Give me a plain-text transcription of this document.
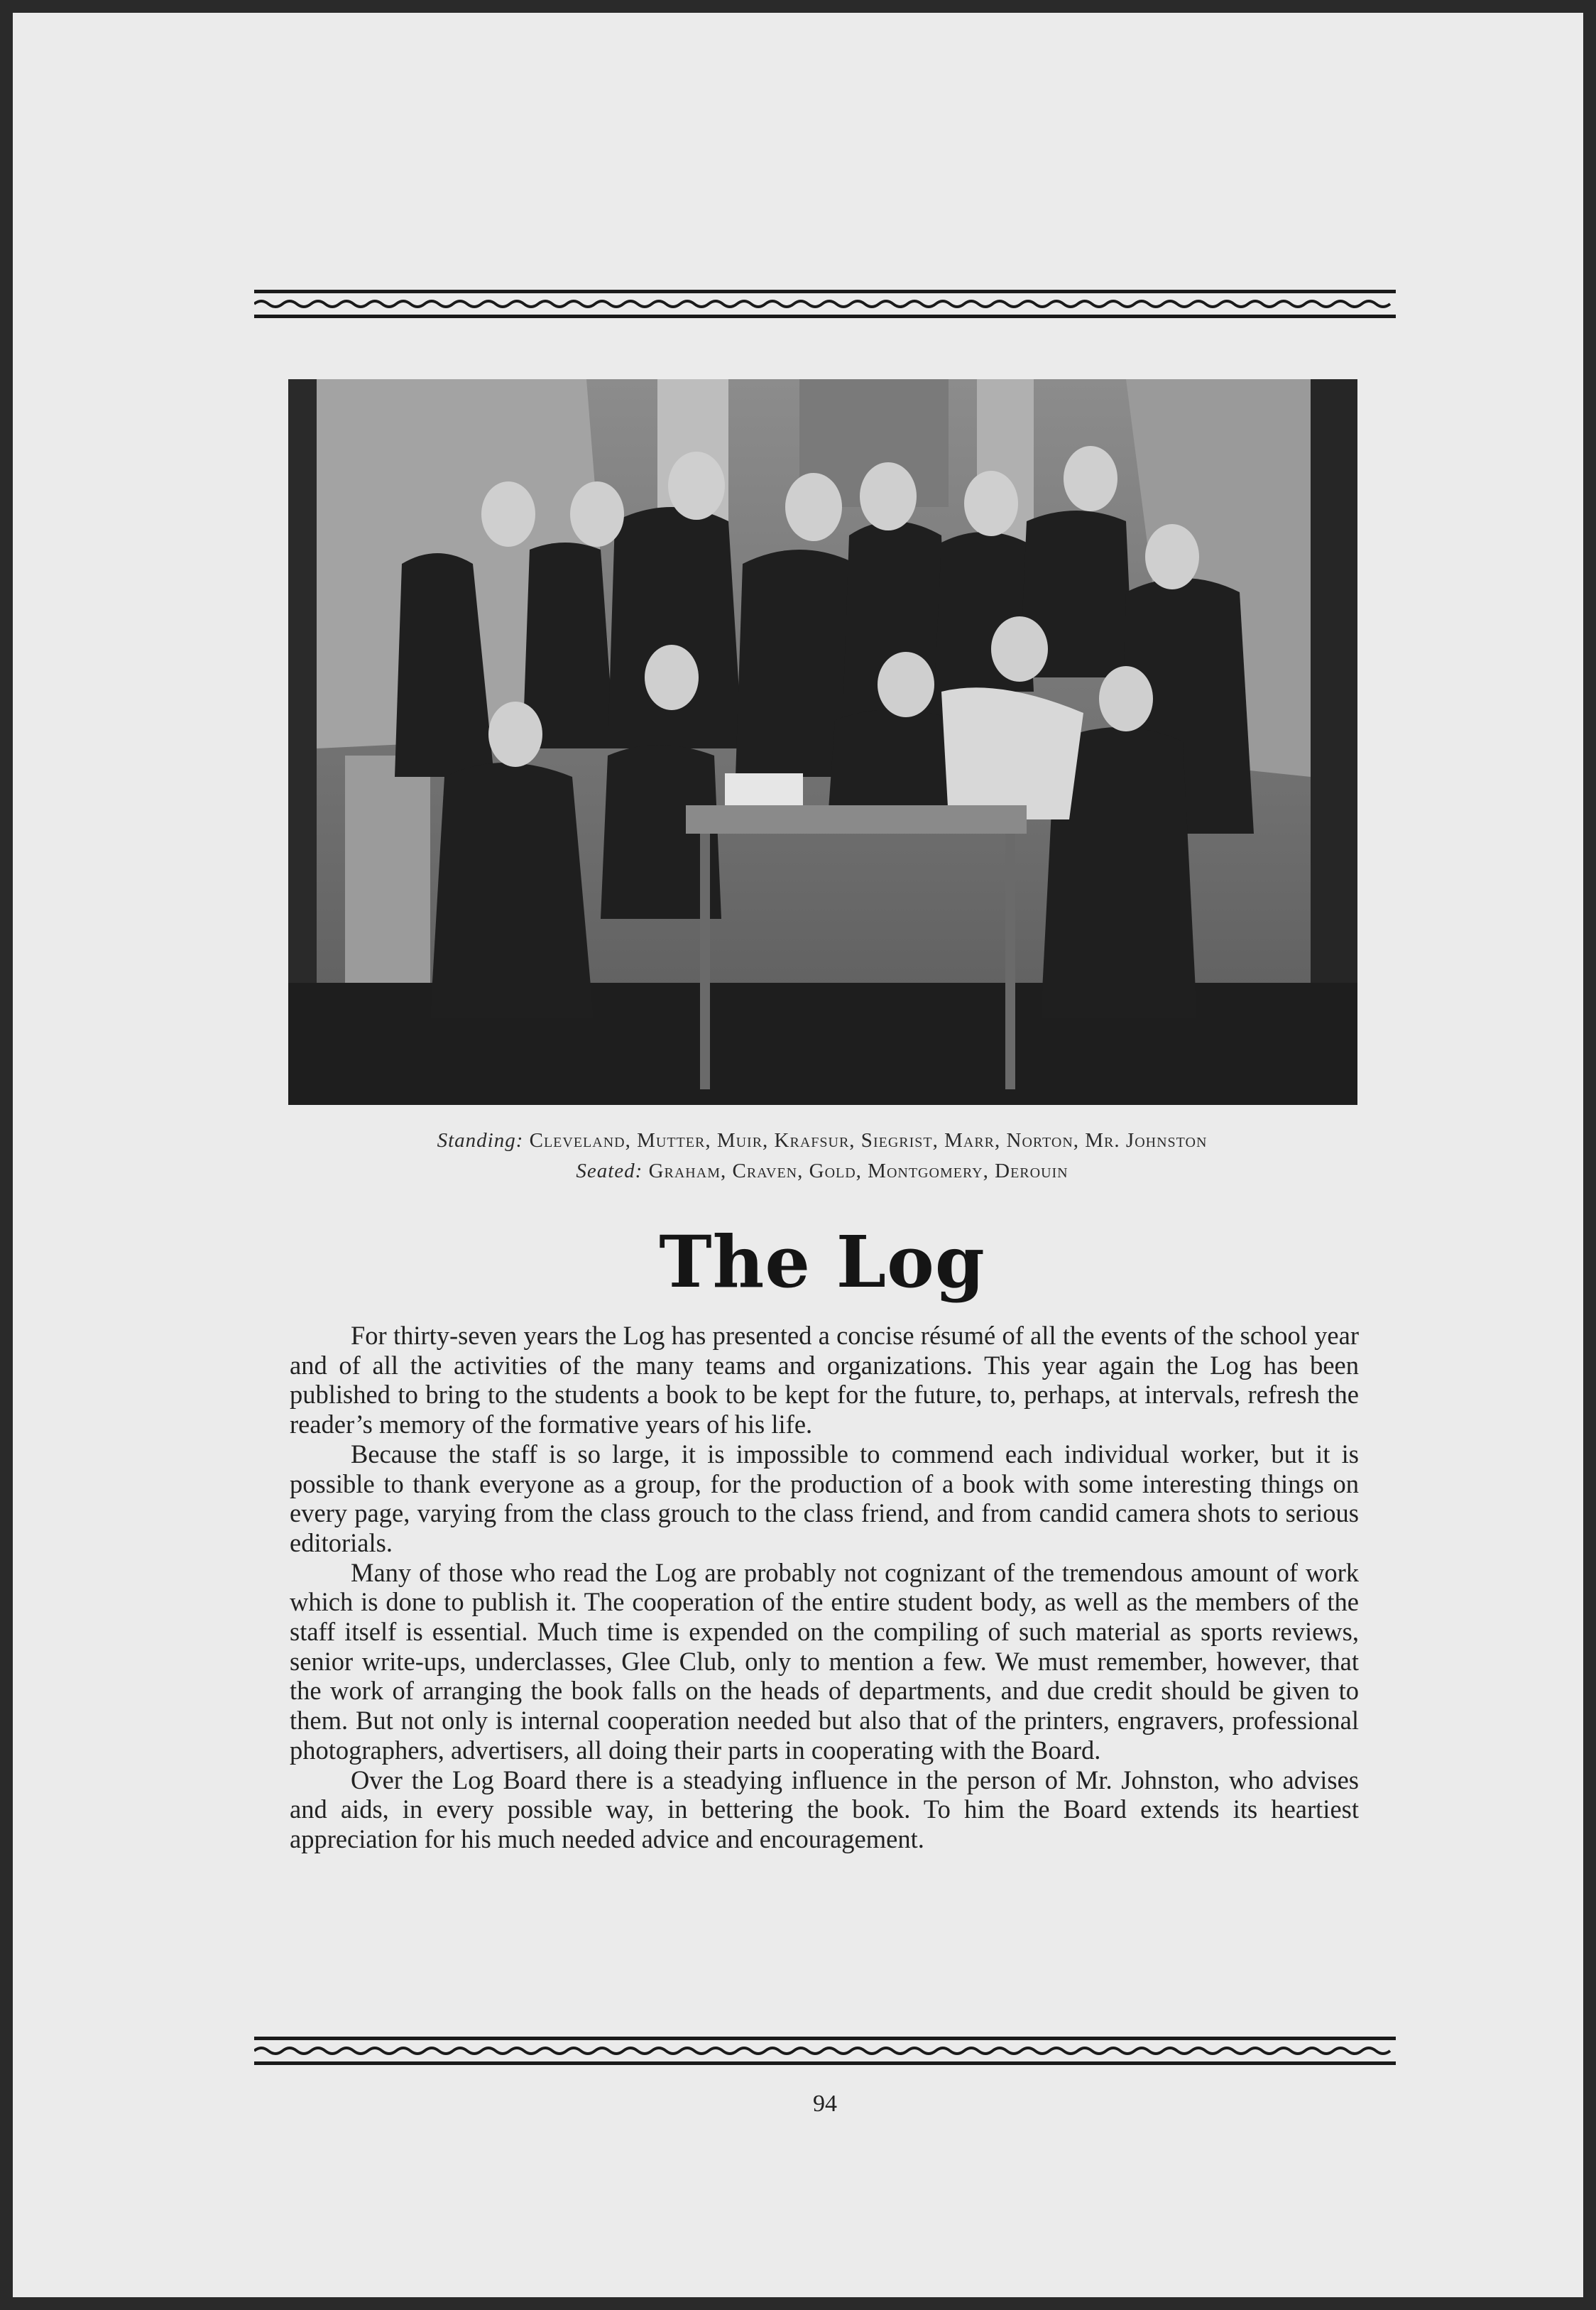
Standing: Cleveland, Mutter, Muir, Krafsur, Siegrist, Marr, Norton, Mr. Johnston
Seated: Graham, Craven, Gold, Montgomery, Derouin
The Log

For thirty-seven years the Log has presented a concise résumé of all the events of the school year and of all the activities of the many teams and organizations. This year again the Log has been published to bring to the students a book to be kept for the future, to, perhaps, at intervals, refresh the reader’s memory of the formative years of his life.

Because the staff is so large, it is impossible to commend each individual worker, but it is possible to thank everyone as a group, for the production of a book with some interesting things on every page, varying from the class grouch to the class friend, and from candid camera shots to serious editorials.

Many of those who read the Log are probably not cognizant of the tremendous amount of work which is done to publish it. The cooperation of the entire student body, as well as the members of the staff itself is essential. Much time is expended on the compiling of such material as sports reviews, senior write-ups, underclasses, Glee Club, only to mention a few. We must remember, however, that the work of arranging the book falls on the heads of departments, and due credit should be given to them. But not only is internal cooperation needed but also that of the printers, engravers, professional photographers, advertisers, all doing their parts in cooperating with the Board.

Over the Log Board there is a steadying influence in the person of Mr. Johnston, who advises and aids, in every possible way, in bettering the book. To him the Board extends its heartiest appreciation for his much needed advice and encouragement.

94
